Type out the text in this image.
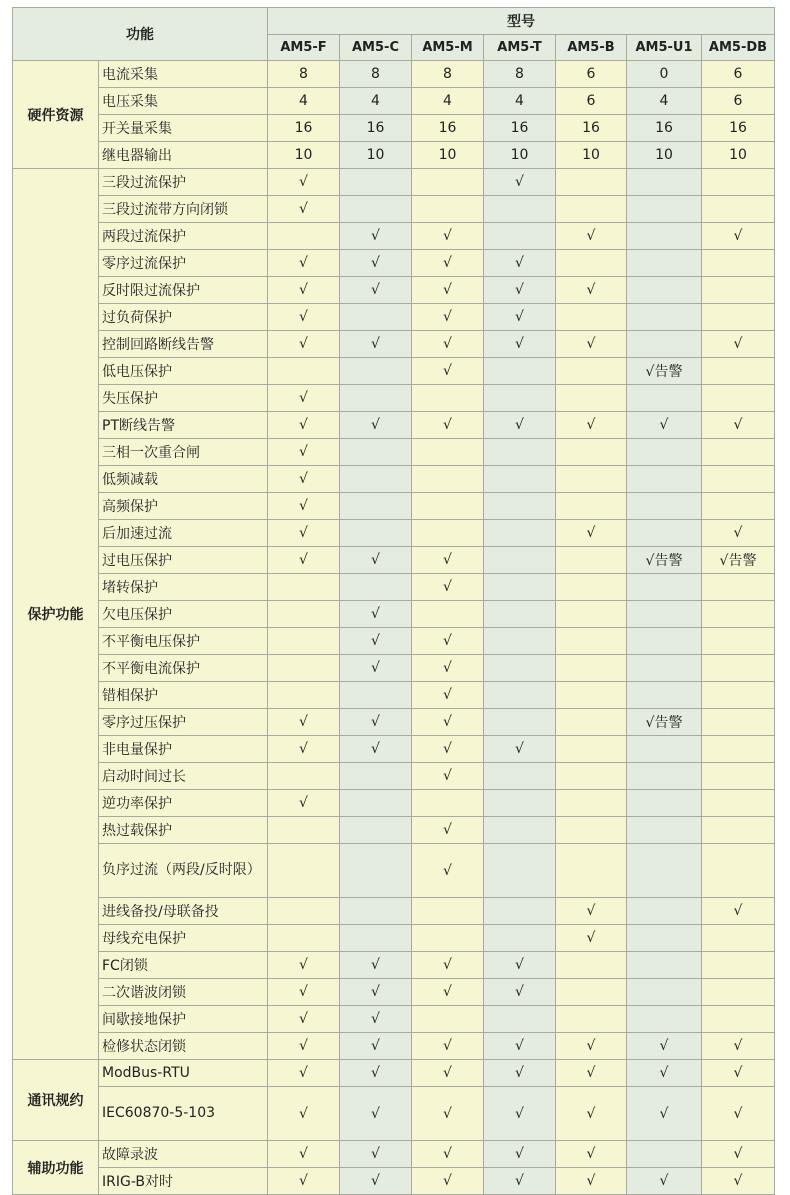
功能		型号						
		AM5-F	AM5-C	AM5-M	AM5-T	AM5-B	AM5-U1	AM5-DB
硬件资源	电流采集	8	8	8	8	6	0	6
	电压采集	4	4	4	4	6	4	6
	开关量采集	16	16	16	16	16	16	16
	继电器输出	10	10	10	10	10	10	10
保护功能	三段过流保护	√			√			
	三段过流带方向闭锁	√						
	两段过流保护		√	√		√		√
	零序过流保护	√	√	√	√			
	反时限过流保护	√	√	√	√	√		
	过负荷保护	√		√	√			
	控制回路断线告警	√	√	√	√	√		√
	低电压保护			√			√告警	
	失压保护	√						
	PT断线告警	√	√	√	√	√	√	√
	三相一次重合闸	√						
	低频减载	√						
	高频保护	√						
	后加速过流	√				√		√
	过电压保护	√	√	√			√告警	√告警
	堵转保护			√				
	欠电压保护		√					
	不平衡电压保护		√	√				
	不平衡电流保护		√	√				
	错相保护			√				
	零序过压保护	√	√	√			√告警	
	非电量保护	√	√	√	√			
	启动时间过长			√				
	逆功率保护	√						
	热过载保护			√				
	负序过流（两段/反时限）			√				
	进线备投/母联备投					√		√
	母线充电保护					√		
	FC闭锁	√	√	√	√			
	二次谐波闭锁	√	√	√	√			
	间歇接地保护	√	√					
	检修状态闭锁	√	√	√	√	√	√	√
通讯规约	ModBus-RTU	√	√	√	√	√	√	√
	IEC60870-5-103	√	√	√	√	√	√	√
辅助功能	故障录波	√	√	√	√	√		√
	IRIG-B对时	√	√	√	√	√	√	√
